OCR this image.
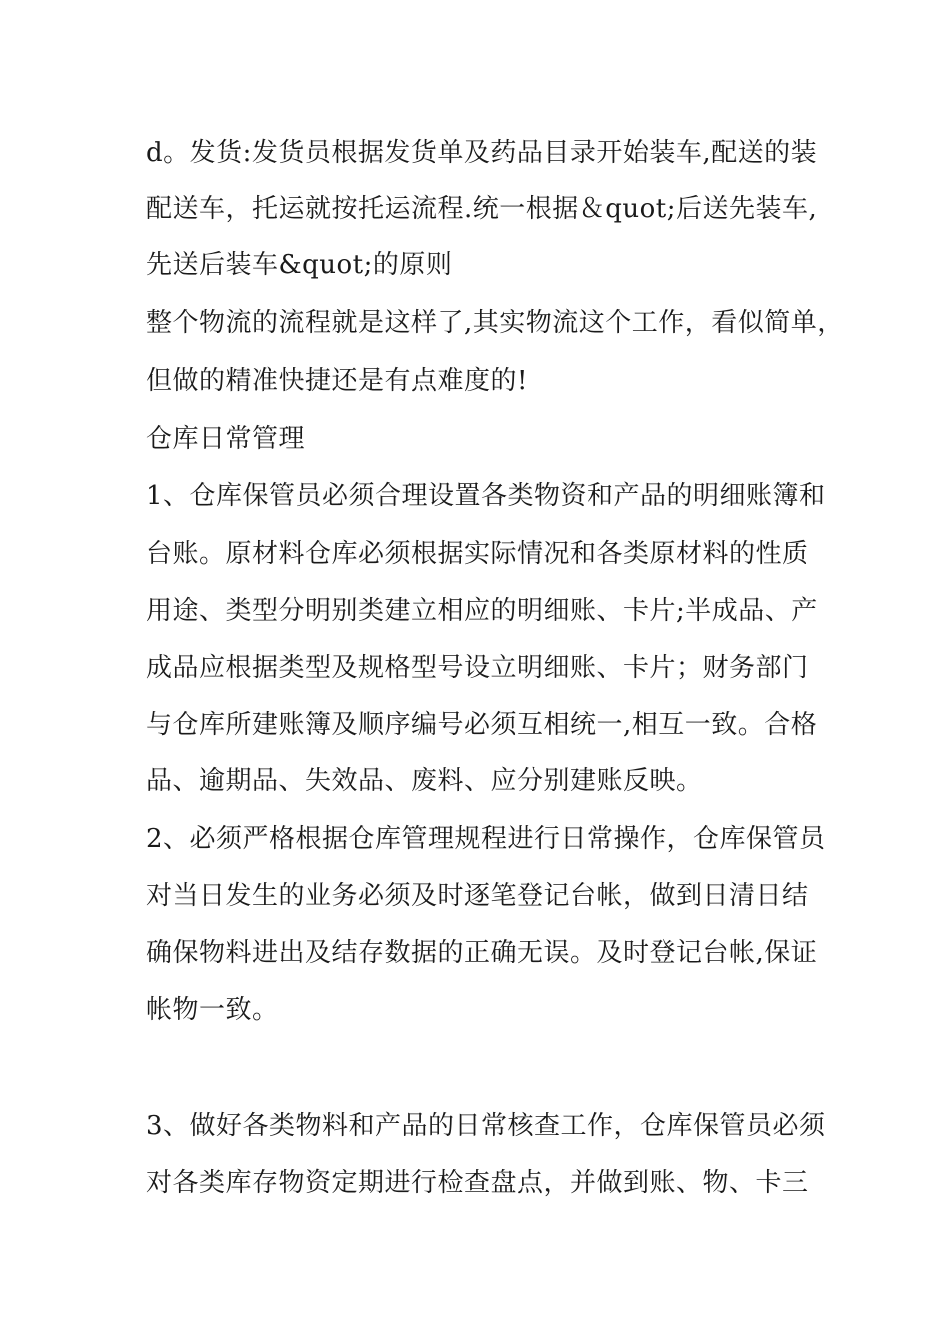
d。发货:发货员根据发货单及药品目录开始装车,配送的装
配送车，托运就按托运流程.统一根据＆quot;后送先装车,
先送后装车&quot;的原则
整个物流的流程就是这样了,其实物流这个工作，看似简单，
但做的精准快捷还是有点难度的!
仓库日常管理
1、仓库保管员必须合理设置各类物资和产品的明细账簿和
台账。原材料仓库必须根据实际情况和各类原材料的性质
用途、类型分明别类建立相应的明细账、卡片;半成品、产
成品应根据类型及规格型号设立明细账、卡片；财务部门
与仓库所建账簿及顺序编号必须互相统一,相互一致。合格
品、逾期品、失效品、废料、应分别建账反映。
2、必须严格根据仓库管理规程进行日常操作，仓库保管员
对当日发生的业务必须及时逐笔登记台帐，做到日清日结
确保物料进出及结存数据的正确无误。及时登记台帐,保证
帐物一致。
3、做好各类物料和产品的日常核查工作，仓库保管员必须
对各类库存物资定期进行检查盘点，并做到账、物、卡三
